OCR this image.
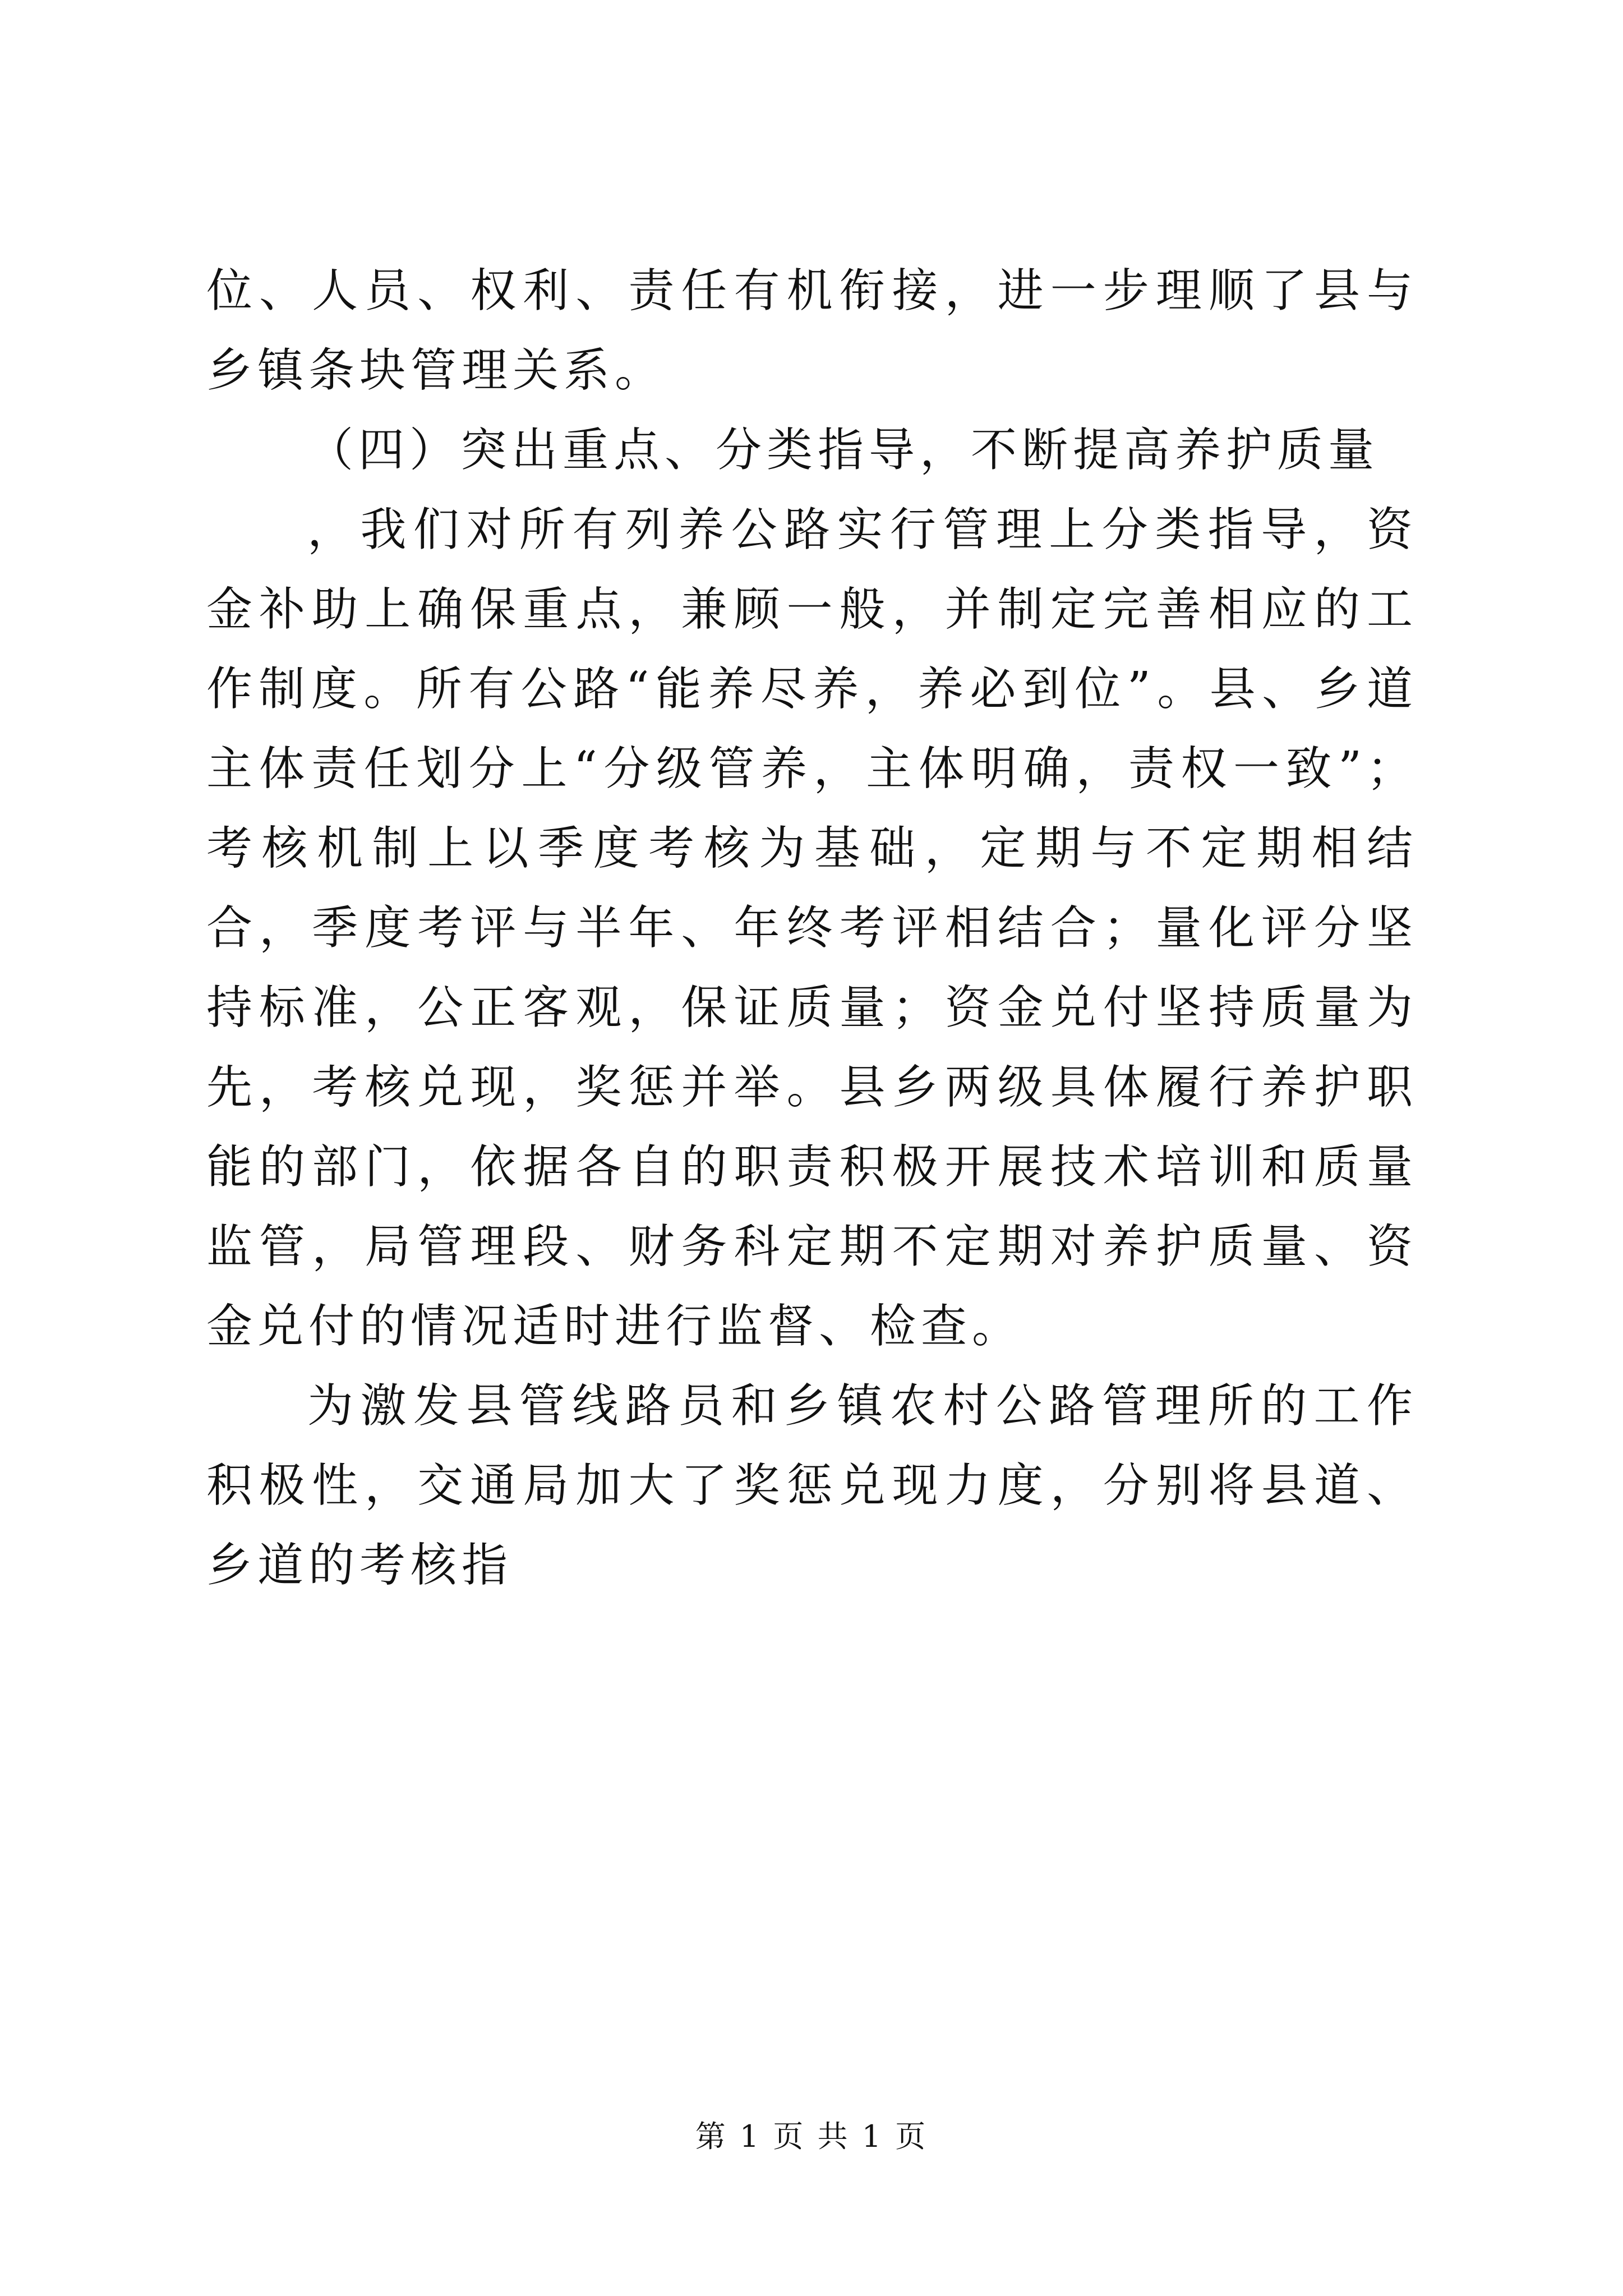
位、人员、权利、责任有机衔接，进一步理顺了县与乡镇条块管理关系。

（四）突出重点、分类指导，不断提高养护质量

，我们对所有列养公路实行管理上分类指导，资金补助上确保重点，兼顾一般，并制定完善相应的工作制度。所有公路“能养尽养，养必到位”。县、乡道主体责任划分上“分级管养，主体明确，责权一致”；考核机制上以季度考核为基础，定期与不定期相结合，季度考评与半年、年终考评相结合；量化评分坚持标准，公正客观，保证质量；资金兑付坚持质量为先，考核兑现，奖惩并举。县乡两级具体履行养护职能的部门，依据各自的职责积极开展技术培训和质量监管，局管理段、财务科定期不定期对养护质量、资金兑付的情况适时进行监督、检查。

为激发县管线路员和乡镇农村公路管理所的工作积极性，交通局加大了奖惩兑现力度，分别将县道、乡道的考核指

第 1 页 共 1 页
